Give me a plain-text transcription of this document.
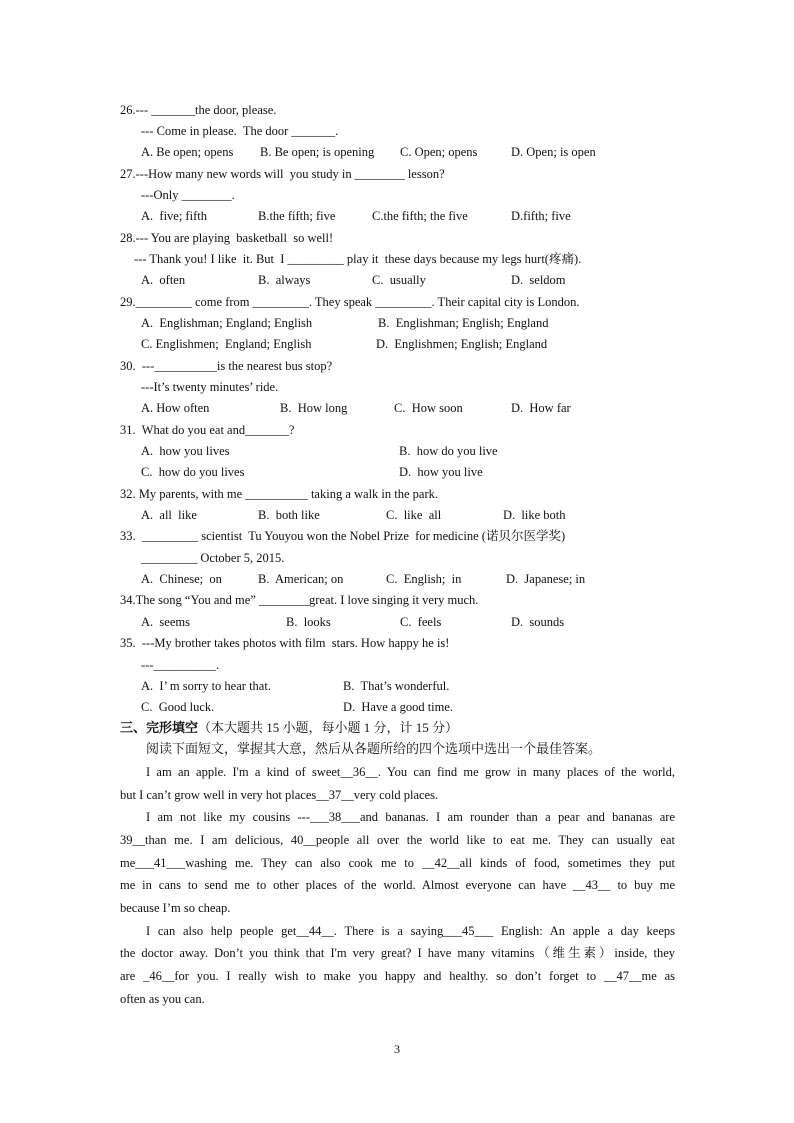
26.--- _______the door, please.
--- Come in please.  The door _______.
A. Be open; opens B. Be open; is opening C. Open; opens	D. Open; is open
27.---How many new words will  you study in ________ lesson?
---Only ________.
A.  five; fifth	B.the fifth; five	C.the fifth; the five	D.fifth; five
28.--- You are playing  basketball  so well!
--- Thank you! I like  it. But  I _________ play it  these days because my legs hurt(疼痛).
A.  often	B.  always	C.  usually	D.  seldom
29._________ come from _________. They speak _________. Their capital city is London.
A.  Englishman; England; English	B.  Englishman; English; England
C. Englishmen;  England; English	D.  Englishmen; English; England
30.  ---__________is the nearest bus stop?
---It’s twenty minutes’ ride.
A. How often	B.  How long	C.  How soon	D.  How far
31.  What do you eat and_______?
A.  how you lives	B.  how do you live
C.  how do you lives	D.  how you live
32. My parents, with me __________ taking a walk in the park.
A.  all  like	B.  both like	C.  like  all	D.  like both
33.  _________ scientist  Tu Youyou won the Nobel Prize  for medicine (诺贝尔医学奖)
_________ October 5, 2015.
A.  Chinese;  on	B.  American; on	C.  English;  in	D.  Japanese; in
34.The song “You and me” ________great. I love singing it very much.
A.  seems	B.  looks	C.  feels	D.  sounds
35.  ---My brother takes photos with film  stars. How happy he is!
---__________.
A.  I’ m sorry to hear that.	B.  That’s wonderful.
C.  Good luck.	D.  Have a good time.
三、完形填空（本大题共 15 小题，每小题 1 分，计 15 分）
阅读下面短文，掌握其大意，然后从各题所给的四个选项中选出一个最佳答案。
I am an apple. I'm a kind of sweet__36__. You can find me grow in many places of the world,
but I can’t grow well in very hot places__37__very cold places.
I am not like my cousins ---___38___and bananas. I am rounder than a pear and bananas are
39__than me. I am delicious, 40__people all over the world like to eat me. They can usually eat
me___41___washing me. They can also cook me to __42__all kinds of food, sometimes they put
me in cans to send me to other places of the world. Almost everyone can have __43__ to buy me
because I’m so cheap.
I can also help people get__44__. There is a saying___45___ English: An apple a day keeps
the doctor away. Don’t you think that I'm very great? I have many vitamins（维生素）inside, they
are _46__for you. I really wish to make you happy and healthy. so don’t forget to __47__me as
often as you can.
3
